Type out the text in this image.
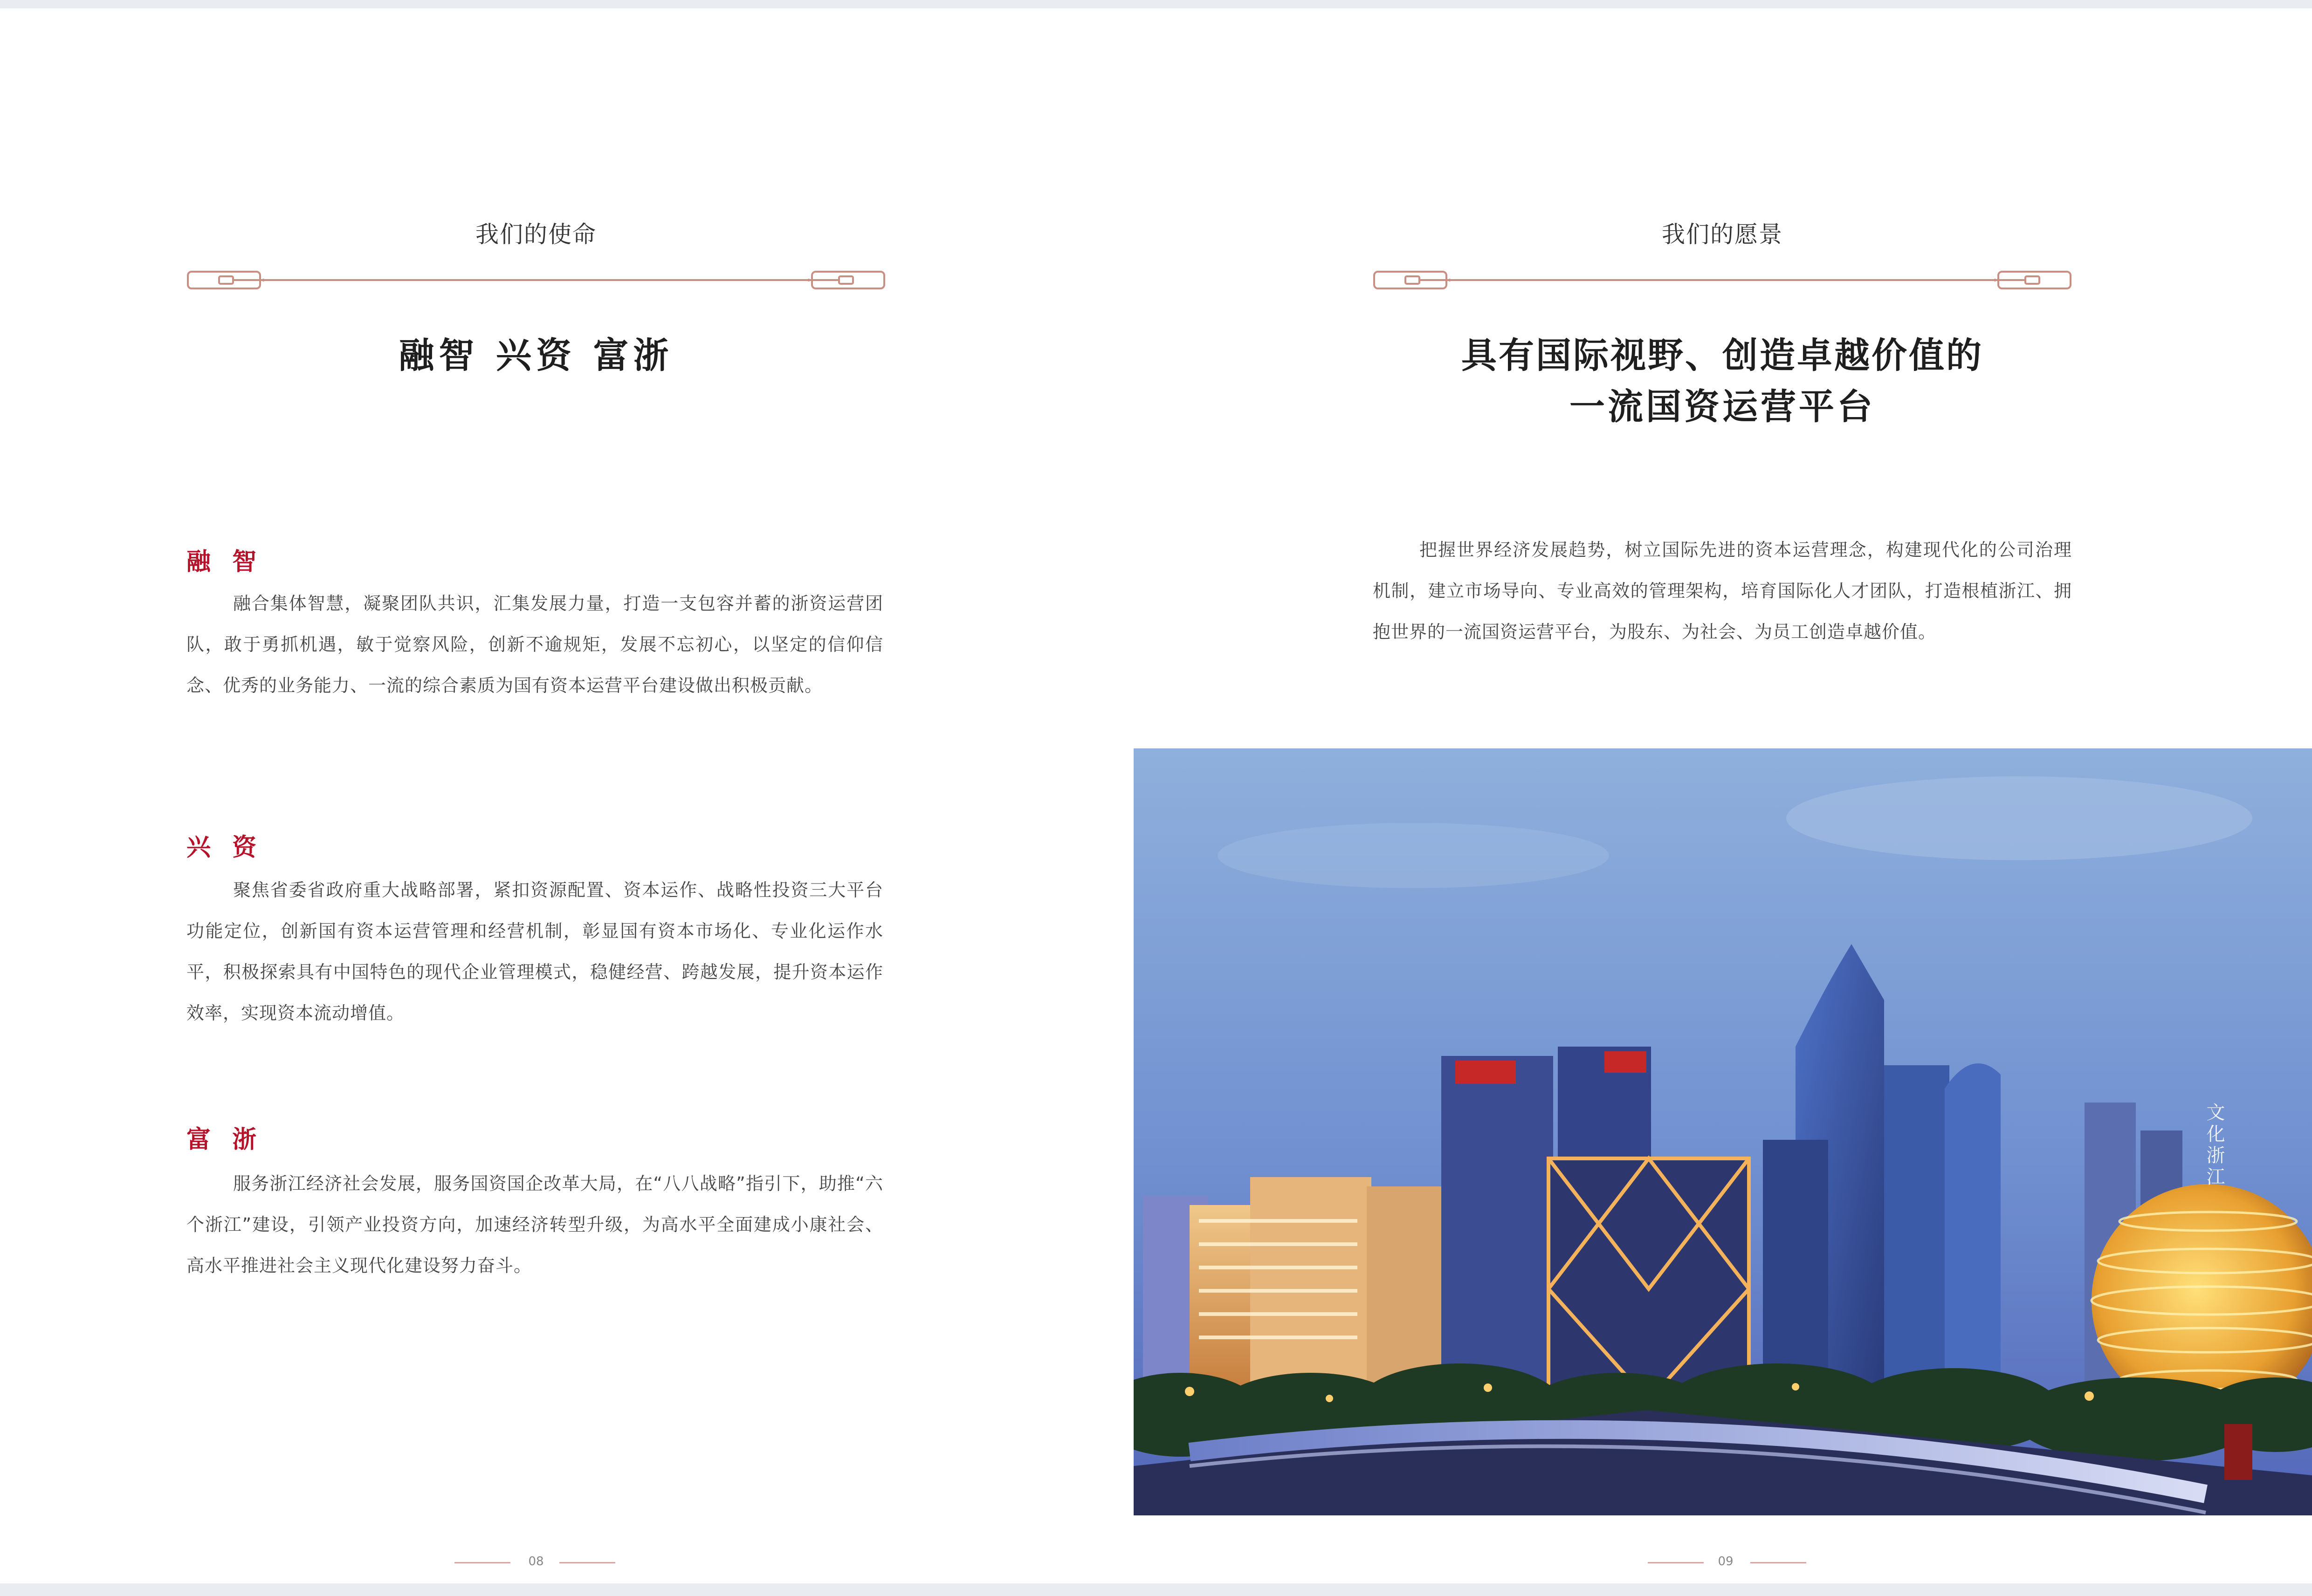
我们的使命
融智 兴资 富浙
融 智
融合集体智慧，凝聚团队共识，汇集发展力量，打造一支包容并蓄的浙资运营团队，敢于勇抓机遇，敏于觉察风险，创新不逾规矩，发展不忘初心，以坚定的信仰信念、优秀的业务能力、一流的综合素质为国有资本运营平台建设做出积极贡献。
兴 资
聚焦省委省政府重大战略部署，紧扣资源配置、资本运作、战略性投资三大平台功能定位，创新国有资本运营管理和经营机制，彰显国有资本市场化、专业化运作水平，积极探索具有中国特色的现代企业管理模式，稳健经营、跨越发展，提升资本运作效率，实现资本流动增值。
富 浙
服务浙江经济社会发展，服务国资国企改革大局，在“八八战略”指引下，助推“六个浙江”建设，引领产业投资方向，加速经济转型升级，为高水平全面建成小康社会、高水平推进社会主义现代化建设努力奋斗。
08
我们的愿景
具有国际视野、创造卓越价值的
一流国资运营平台
把握世界经济发展趋势，树立国际先进的资本运营理念，构建现代化的公司治理机制，建立市场导向、专业高效的管理架构，培育国际化人才团队，打造根植浙江、拥抱世界的一流国资运营平台，为股东、为社会、为员工创造卓越价值。
09
文化浙江
